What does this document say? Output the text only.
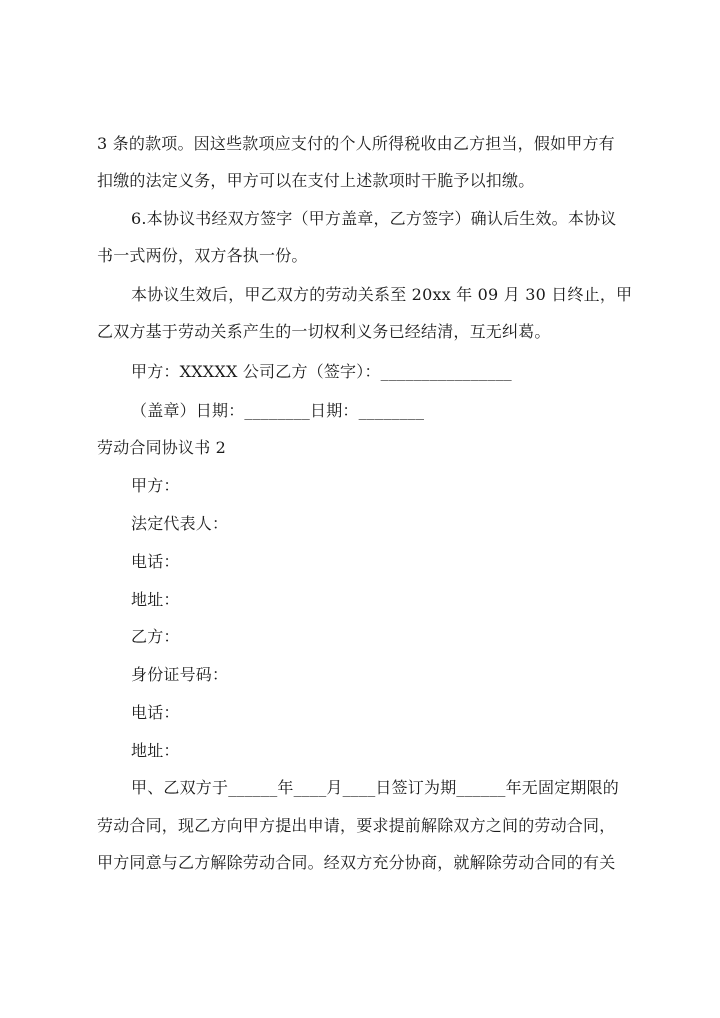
3 条的款项。因这些款项应支付的个人所得税收由乙方担当，假如甲方有
扣缴的法定义务，甲方可以在支付上述款项时干脆予以扣缴。
6.本协议书经双方签字（甲方盖章，乙方签字）确认后生效。本协议
书一式两份，双方各执一份。
本协议生效后，甲乙双方的劳动关系至 20xx 年 09 月 30 日终止，甲
乙双方基于劳动关系产生的一切权利义务已经结清，互无纠葛。
甲方：XXXXX 公司乙方（签字）：________________
（盖章）日期：________日期：________
劳动合同协议书 2
甲方：
法定代表人：
电话：
地址：
乙方：
身份证号码：
电话：
地址：
甲、乙双方于______年____月____日签订为期______年无固定期限的
劳动合同，现乙方向甲方提出申请，要求提前解除双方之间的劳动合同，
甲方同意与乙方解除劳动合同。经双方充分协商，就解除劳动合同的有关
